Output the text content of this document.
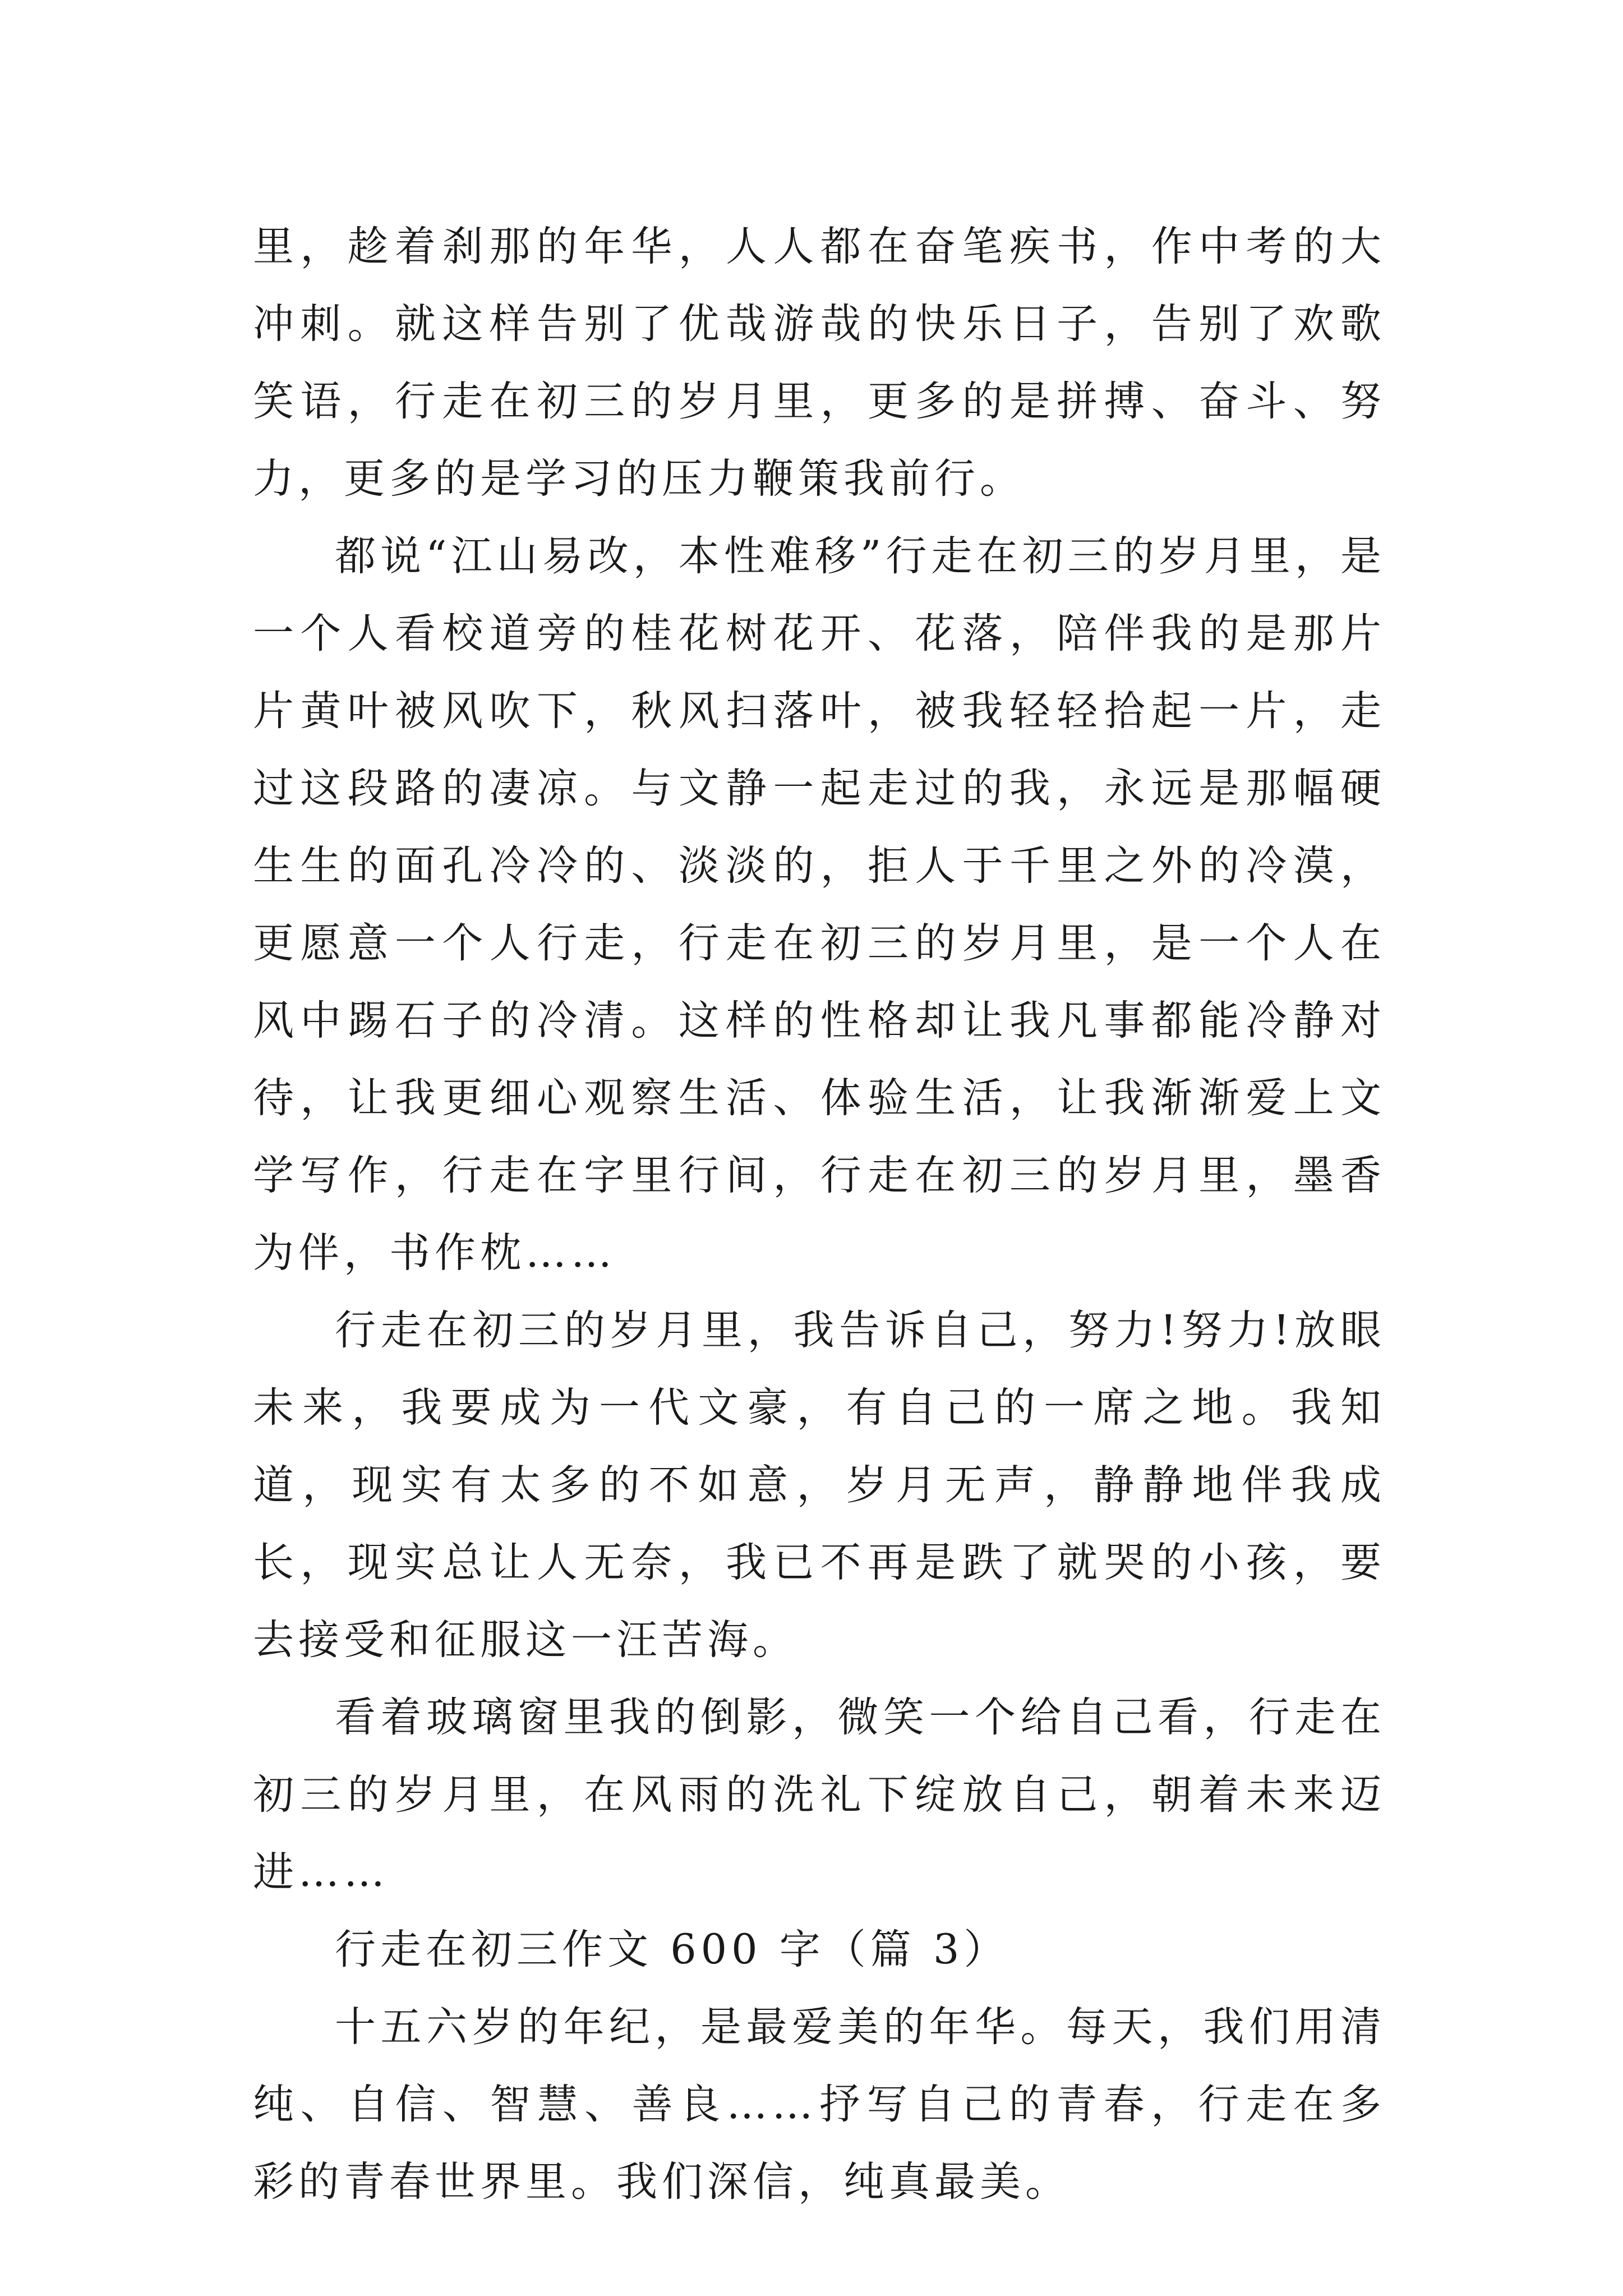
里，趁着刹那的年华，人人都在奋笔疾书，作中考的大冲刺。就这样告别了优哉游哉的快乐日子，告别了欢歌笑语，行走在初三的岁月里，更多的是拼搏、奋斗、努力，更多的是学习的压力鞭策我前行。

都说“江山易改，本性难移”行走在初三的岁月里，是一个人看校道旁的桂花树花开、花落，陪伴我的是那片片黄叶被风吹下，秋风扫落叶，被我轻轻拾起一片，走过这段路的凄凉。与文静一起走过的我，永远是那幅硬生生的面孔冷冷的、淡淡的，拒人于千里之外的冷漠，更愿意一个人行走，行走在初三的岁月里，是一个人在风中踢石子的冷清。这样的性格却让我凡事都能冷静对待，让我更细心观察生活、体验生活，让我渐渐爱上文学写作，行走在字里行间，行走在初三的岁月里，墨香为伴，书作枕……

行走在初三的岁月里，我告诉自己，努力!努力!放眼未来，我要成为一代文豪，有自己的一席之地。我知道，现实有太多的不如意，岁月无声，静静地伴我成长，现实总让人无奈，我已不再是跌了就哭的小孩，要去接受和征服这一汪苦海。

看着玻璃窗里我的倒影，微笑一个给自己看，行走在初三的岁月里，在风雨的洗礼下绽放自己，朝着未来迈进……

行走在初三作文 600 字（篇 3）

十五六岁的年纪，是最爱美的年华。每天，我们用清纯、自信、智慧、善良……抒写自己的青春，行走在多彩的青春世界里。我们深信，纯真最美。
